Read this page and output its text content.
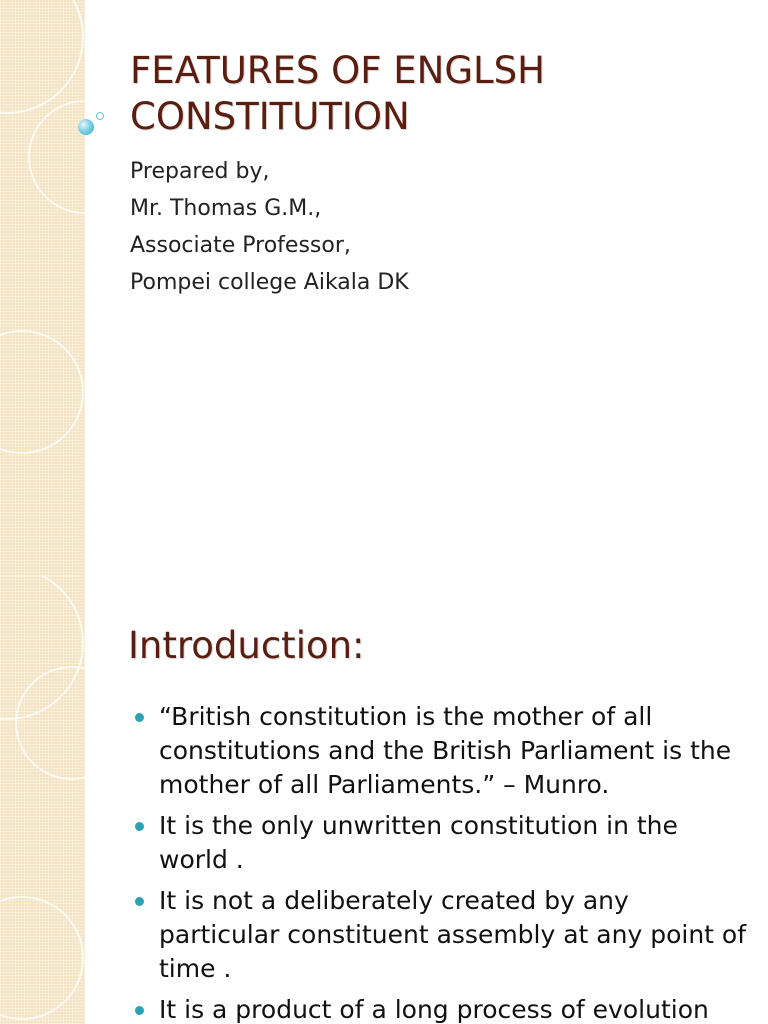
FEATURES OF ENGLSH
CONSTITUTION
Prepared by,
Mr. Thomas G.M.,
Associate Professor,
Pompei college Aikala DK
Introduction:
“British constitution is the mother of all constitutions and the British Parliament is the mother of all Parliaments.” – Munro.
It is the only unwritten constitution in the world .
It is not a deliberately created by any particular constituent assembly at any point of time .
It is a product of a long process of evolution
